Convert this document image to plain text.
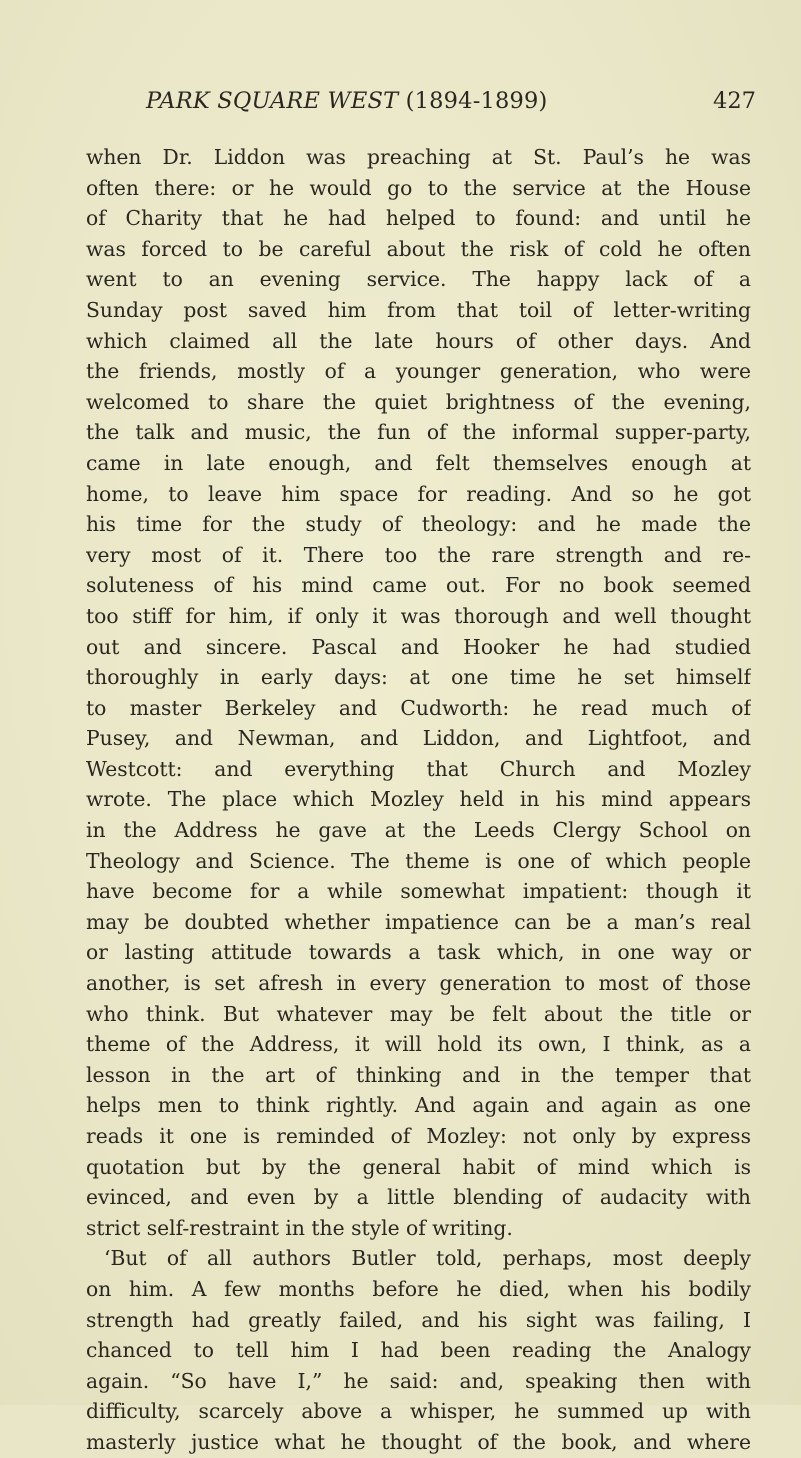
PARK SQUARE WEST (1894-1899)	427
when Dr. Liddon was preaching at St. Paul’s he was
often there: or he would go to the service at the House
of Charity that he had helped to found: and until he
was forced to be careful about the risk of cold he often
went to an evening service. The happy lack of a
Sunday post saved him from that toil of letter-writing
which claimed all the late hours of other days. And
the friends, mostly of a younger generation, who were
welcomed to share the quiet brightness of the evening,
the talk and music, the fun of the informal supper-party,
came in late enough, and felt themselves enough at
home, to leave him space for reading. And so he got
his time for the study of theology: and he made the
very most of it. There too the rare strength and re-
soluteness of his mind came out. For no book seemed
too stiff for him, if only it was thorough and well thought
out and sincere. Pascal and Hooker he had studied
thoroughly in early days: at one time he set himself
to master Berkeley and Cudworth: he read much of
Pusey, and Newman, and Liddon, and Lightfoot, and
Westcott: and everything that Church and Mozley
wrote. The place which Mozley held in his mind appears
in the Address he gave at the Leeds Clergy School on
Theology and Science. The theme is one of which people
have become for a while somewhat impatient: though it
may be doubted whether impatience can be a man’s real
or lasting attitude towards a task which, in one way or
another, is set afresh in every generation to most of those
who think. But whatever may be felt about the title or
theme of the Address, it will hold its own, I think, as a
lesson in the art of thinking and in the temper that
helps men to think rightly. And again and again as one
reads it one is reminded of Mozley: not only by express
quotation but by the general habit of mind which is
evinced, and even by a little blending of audacity with
strict self-restraint in the style of writing.
‘But of all authors Butler told, perhaps, most deeply
on him. A few months before he died, when his bodily
strength had greatly failed, and his sight was failing, I
chanced to tell him I had been reading the Analogy
again. “So have I,” he said: and, speaking then with
difficulty, scarcely above a whisper, he summed up with
masterly justice what he thought of the book, and where
